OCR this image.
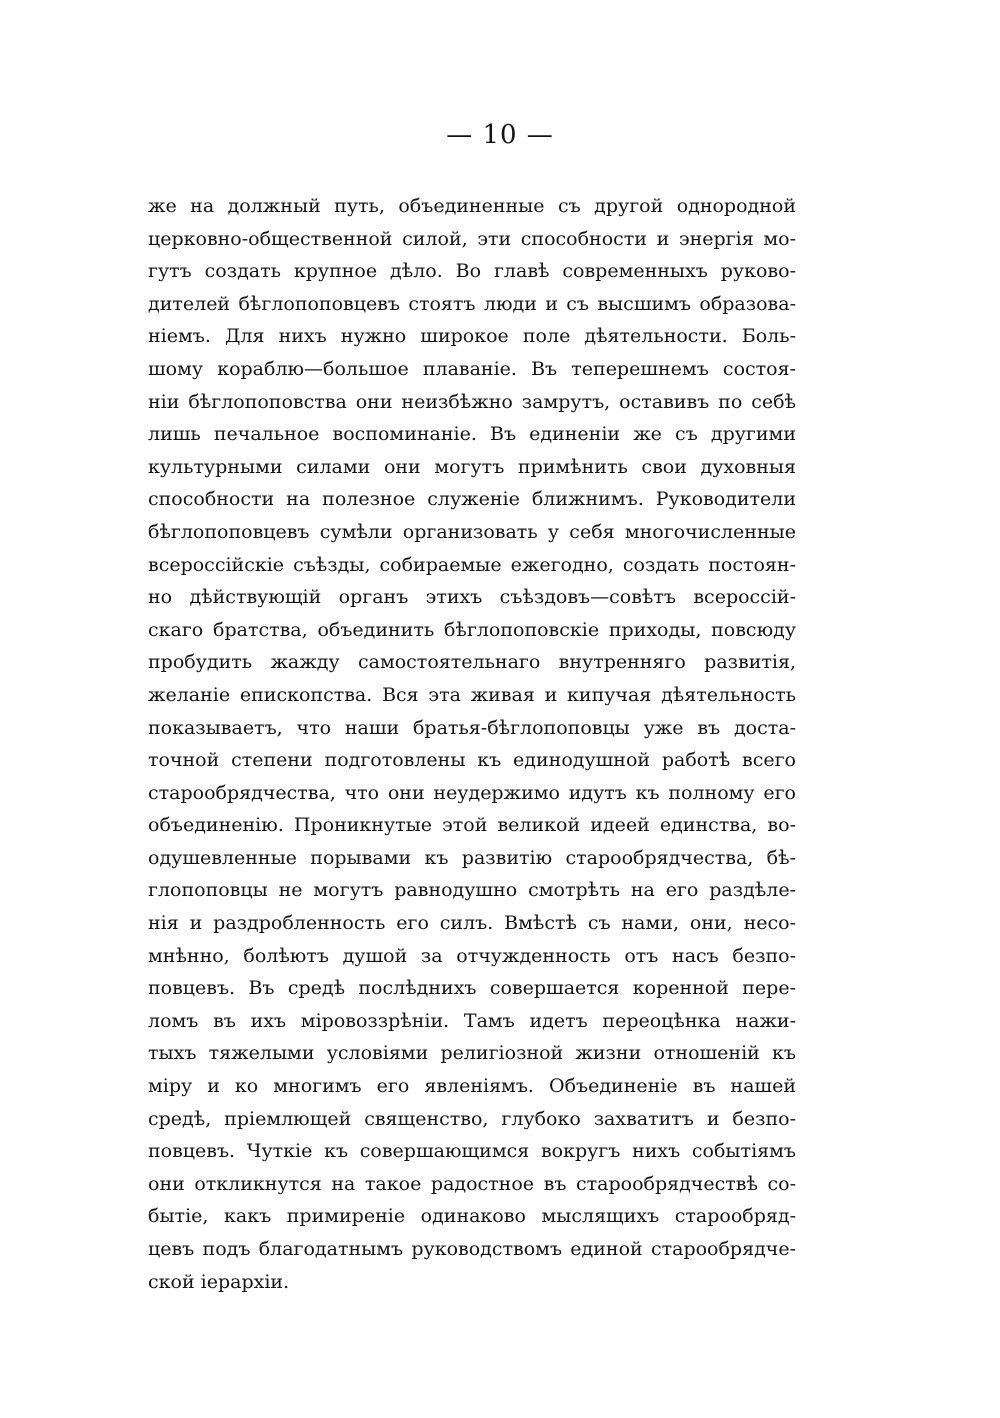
— 10 —
же на должный путь, объединенные съ другой однородной
церковно-общественной силой, эти способности и энергія мо-
гутъ создать крупное дѣло. Во главѣ современныхъ руково-
дителей бѣглопоповцевъ стоятъ люди и съ высшимъ образова-
ніемъ. Для нихъ нужно широкое поле дѣятельности. Боль-
шому кораблю—большое плаваніе. Въ теперешнемъ состоя-
ніи бѣглопоповства они неизбѣжно замрутъ, оставивъ по себѣ
лишь печальное воспоминаніе. Въ единеніи же съ другими
культурными силами они могутъ примѣнить свои духовныя
способности на полезное служеніе ближнимъ. Руководители
бѣглопоповцевъ сумѣли организовать у себя многочисленные
всероссійскіе съѣзды, собираемые ежегодно, создать постоян-
но дѣйствующій органъ этихъ съѣздовъ—совѣтъ всероссій-
скаго братства, объединить бѣглопоповскіе приходы, повсюду
пробудить жажду самостоятельнаго внутренняго развитія,
желаніе епископства. Вся эта живая и кипучая дѣятельность
показываетъ, что наши братья-бѣглопоповцы уже въ доста-
точной степени подготовлены къ единодушной работѣ всего
старообрядчества, что они неудержимо идутъ къ полному его
объединенію. Проникнутые этой великой идеей единства, во-
одушевленные порывами къ развитію старообрядчества, бѣ-
глопоповцы не могутъ равнодушно смотрѣть на его раздѣле-
нія и раздробленность его силъ. Вмѣстѣ съ нами, они, несо-
мнѣнно, болѣютъ душой за отчужденность отъ насъ безпо-
повцевъ. Въ средѣ послѣднихъ совершается коренной пере-
ломъ въ ихъ міровоззрѣніи. Тамъ идетъ переоцѣнка нажи-
тыхъ тяжелыми условіями религіозной жизни отношеній къ
міру и ко многимъ его явленіямъ. Объединеніе въ нашей
средѣ, пріемлющей священство, глубоко захватитъ и безпо-
повцевъ. Чуткіе къ совершающимся вокругъ нихъ событіямъ
они откликнутся на такое радостное въ старообрядчествѣ со-
бытіе, какъ примиреніе одинаково мыслящихъ старообряд-
цевъ подъ благодатнымъ руководствомъ единой старообрядче-
ской іерархіи.
